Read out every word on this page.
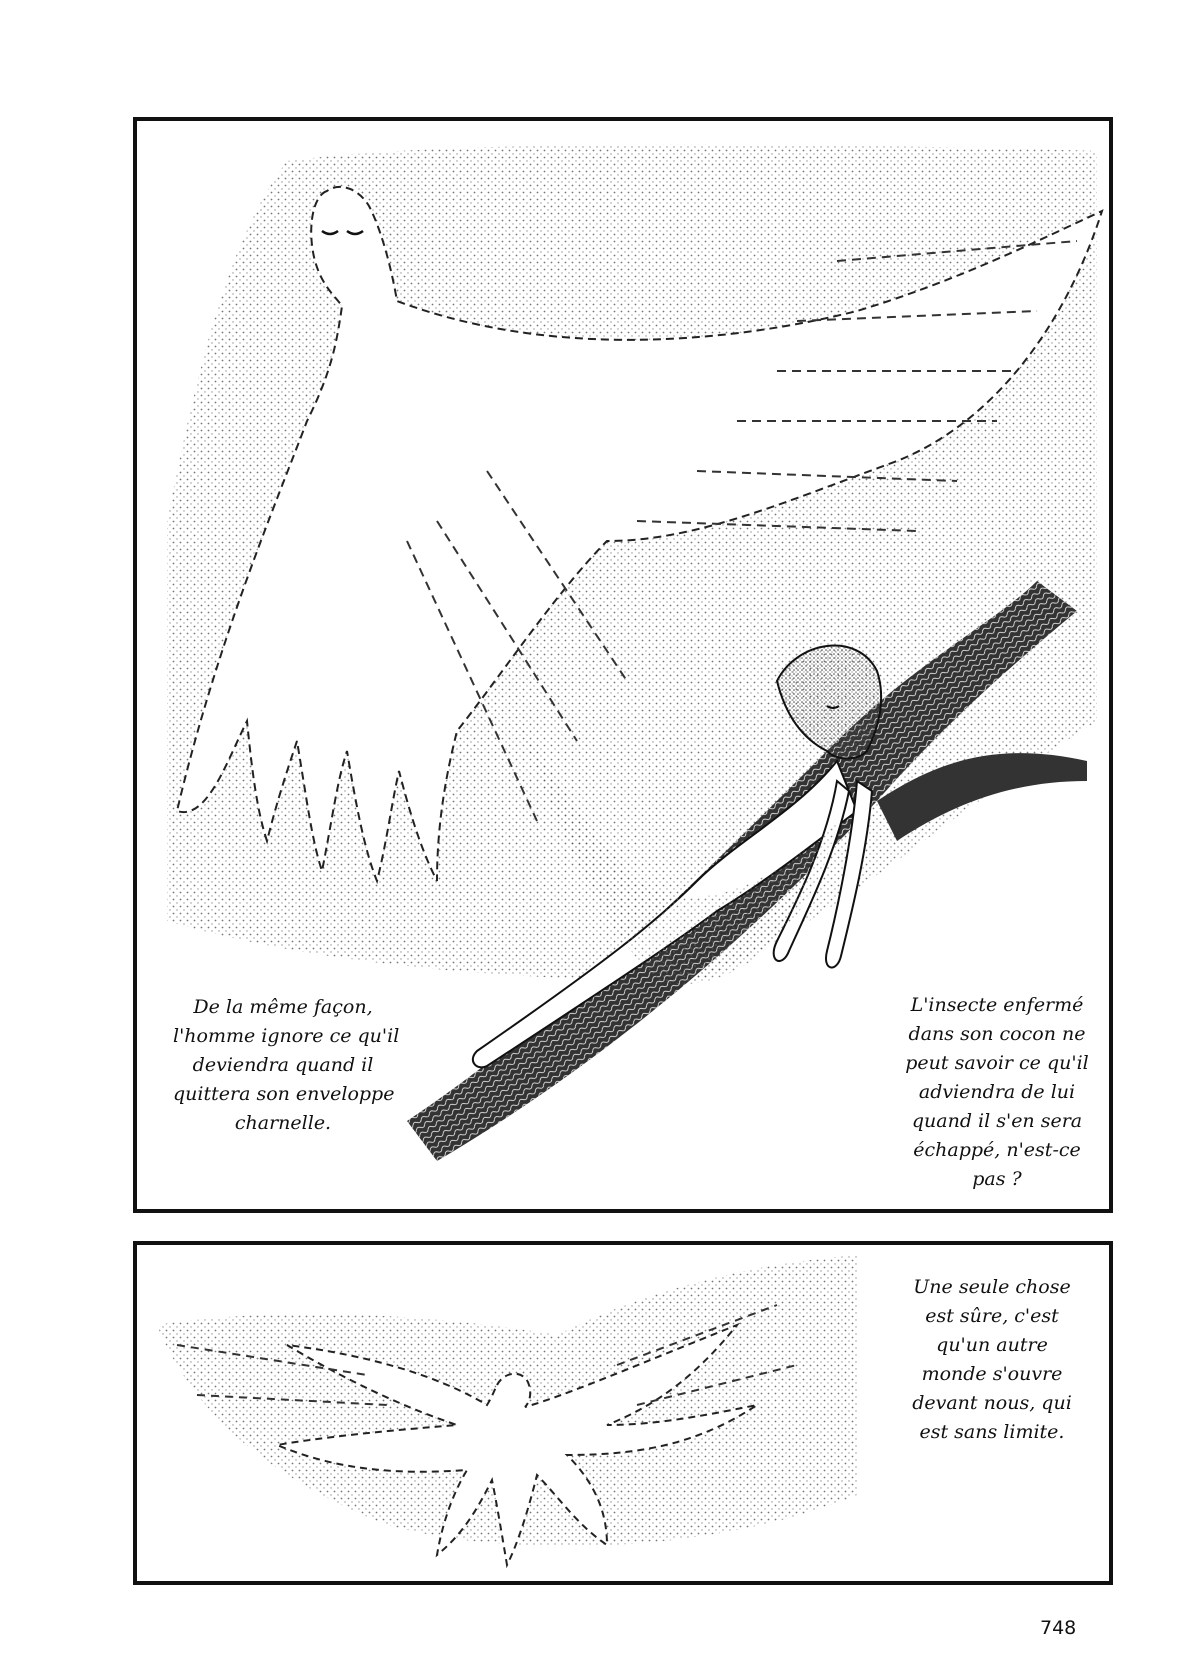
De la même façon,
l'homme ignore ce qu'il
deviendra quand il
quittera son enveloppe
charnelle.

L'insecte enfermé
dans son cocon ne
peut savoir ce qu'il
adviendra de lui
quand il s'en sera
échappé, n'est-ce
pas ?

Une seule chose
est sûre, c'est
qu'un autre
monde s'ouvre
devant nous, qui
est sans limite.

748
